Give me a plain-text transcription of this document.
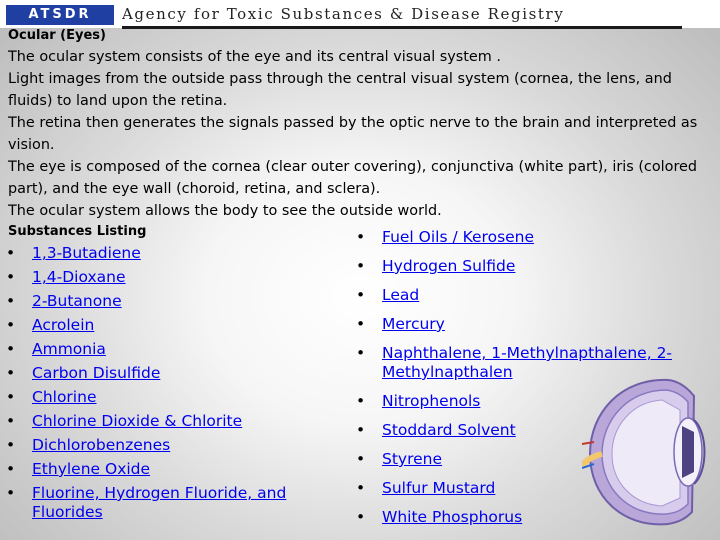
ATSDR	Agency for Toxic Substances & Disease Registry

Ocular (Eyes)

The ocular system consists of the eye and its central visual system .

Light images from the outside pass through the central visual system (cornea, the lens, and fluids) to land upon the retina.

The retina then generates the signals passed by the optic nerve to the brain and interpreted as vision.

The eye is composed of the cornea (clear outer covering), conjunctiva (white part), iris (colored part), and the eye wall (choroid, retina, and sclera).

The ocular system allows the body to see the outside world.

Substances Listing
• 1,3-Butadiene
• 1,4-Dioxane
• 2-Butanone
• Acrolein
• Ammonia
• Carbon Disulfide
• Chlorine
• Chlorine Dioxide & Chlorite
• Dichlorobenzenes
• Ethylene Oxide
• Fluorine, Hydrogen Fluoride, and Fluorides
• Fuel Oils / Kerosene
• Hydrogen Sulfide
• Lead
• Mercury
• Naphthalene, 1-Methylnapthalene, 2-Methylnapthalen
• Nitrophenols
• Stoddard Solvent
• Styrene
• Sulfur Mustard
• White Phosphorus
